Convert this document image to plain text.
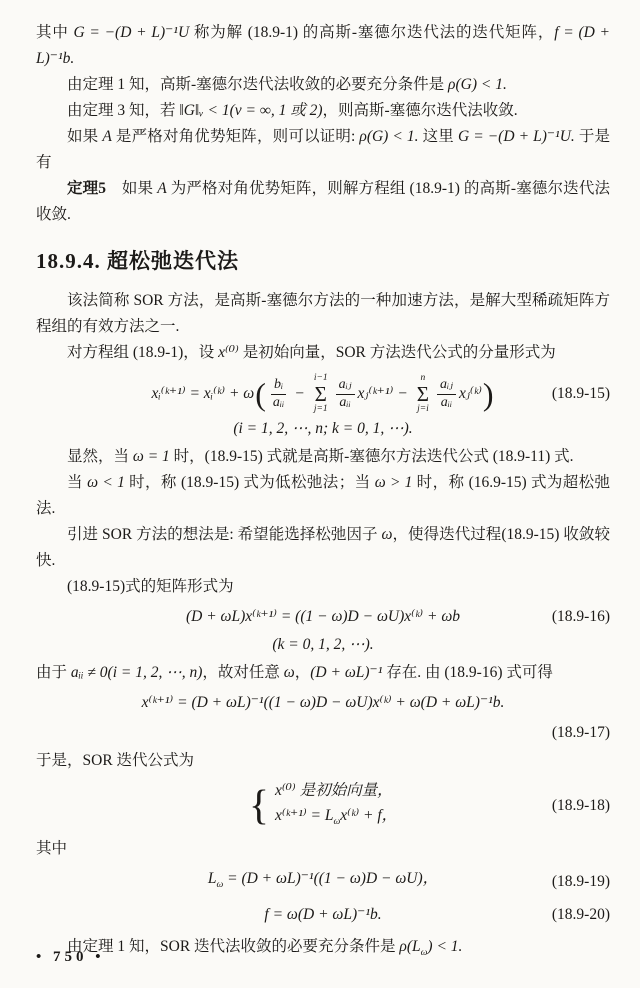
其中 G = −(D + L)⁻¹U 称为解 (18.9-1) 的高斯-塞德尔迭代法的迭代矩阵，f = (D + L)⁻¹b.

由定理 1 知，高斯-塞德尔迭代法收敛的必要充分条件是 ρ(G) < 1.

由定理 3 知，若 ‖G‖ᵥ < 1(v = ∞, 1 或 2)，则高斯-塞德尔迭代法收敛.

如果 A 是严格对角优势矩阵，则可以证明: ρ(G) < 1. 这里 G = −(D + L)⁻¹U. 于是有

定理5　如果 A 为严格对角优势矩阵，则解方程组 (18.9-1) 的高斯-塞德尔迭代法收敛.

18.9.4. 超松弛迭代法

该法简称 SOR 方法，是高斯-塞德尔方法的一种加速方法，是解大型稀疏矩阵方程组的有效方法之一.

对方程组 (18.9-1)，设 x⁽⁰⁾ 是初始向量，SOR 方法迭代公式的分量形式为

xᵢ⁽ᵏ⁺¹⁾ = xᵢ⁽ᵏ⁾ + ω ( $\frac{\text{bᵢ}}{\text{aᵢᵢ}}$ −
i−1
Σ
$j=1 \frac{\text{aᵢⱼ}}{\text{aᵢᵢ}}$ xⱼ⁽ᵏ⁺¹⁾ −
n
Σ
$j=i \frac{\text{aᵢⱼ}}{\text{aᵢᵢ}}$ xⱼ⁽ᵏ⁾ )	(18.9-15)
(i = 1, 2, ⋯, n; k = 0, 1, ⋯).

显然，当 ω = 1 时，(18.9-15) 式就是高斯-塞德尔方法迭代公式 (18.9-11) 式.

当 ω < 1 时，称 (18.9-15) 式为低松弛法；当 ω > 1 时，称 (16.9-15) 式为超松弛法.

引进 SOR 方法的想法是: 希望能选择松弛因子 ω，使得迭代过程(18.9-15) 收敛较快.

(18.9-15)式的矩阵形式为

(D + ωL)x⁽ᵏ⁺¹⁾ = ((1 − ω)D − ωU)x⁽ᵏ⁾ + ωb	(18.9-16)
(k = 0, 1, 2, ⋯).

由于 aᵢᵢ ≠ 0(i = 1, 2, ⋯, n)，故对任意 ω，(D + ωL)⁻¹ 存在. 由 (18.9-16) 式可得

x⁽ᵏ⁺¹⁾ = (D + ωL)⁻¹((1 − ω)D − ωU)x⁽ᵏ⁾ + ω(D + ωL)⁻¹b.
(18.9-17)

于是，SOR 迭代公式为

{ x⁽⁰⁾ 是初始向量，
x⁽ᵏ⁺¹⁾ = $L_\omega x^(ᵏ^) + f$，
(18.9-18)

其中

$L_\omega = (D + \omega L)^{-1}((1 - \omega)D - \omega U)$，	(18.9-19)
f = ω(D + ωL)⁻¹b.	(18.9-20)

由定理 1 知，SOR 迭代法收敛的必要充分条件是 $\rho(L_\omega) < 1$.

• 750 •
